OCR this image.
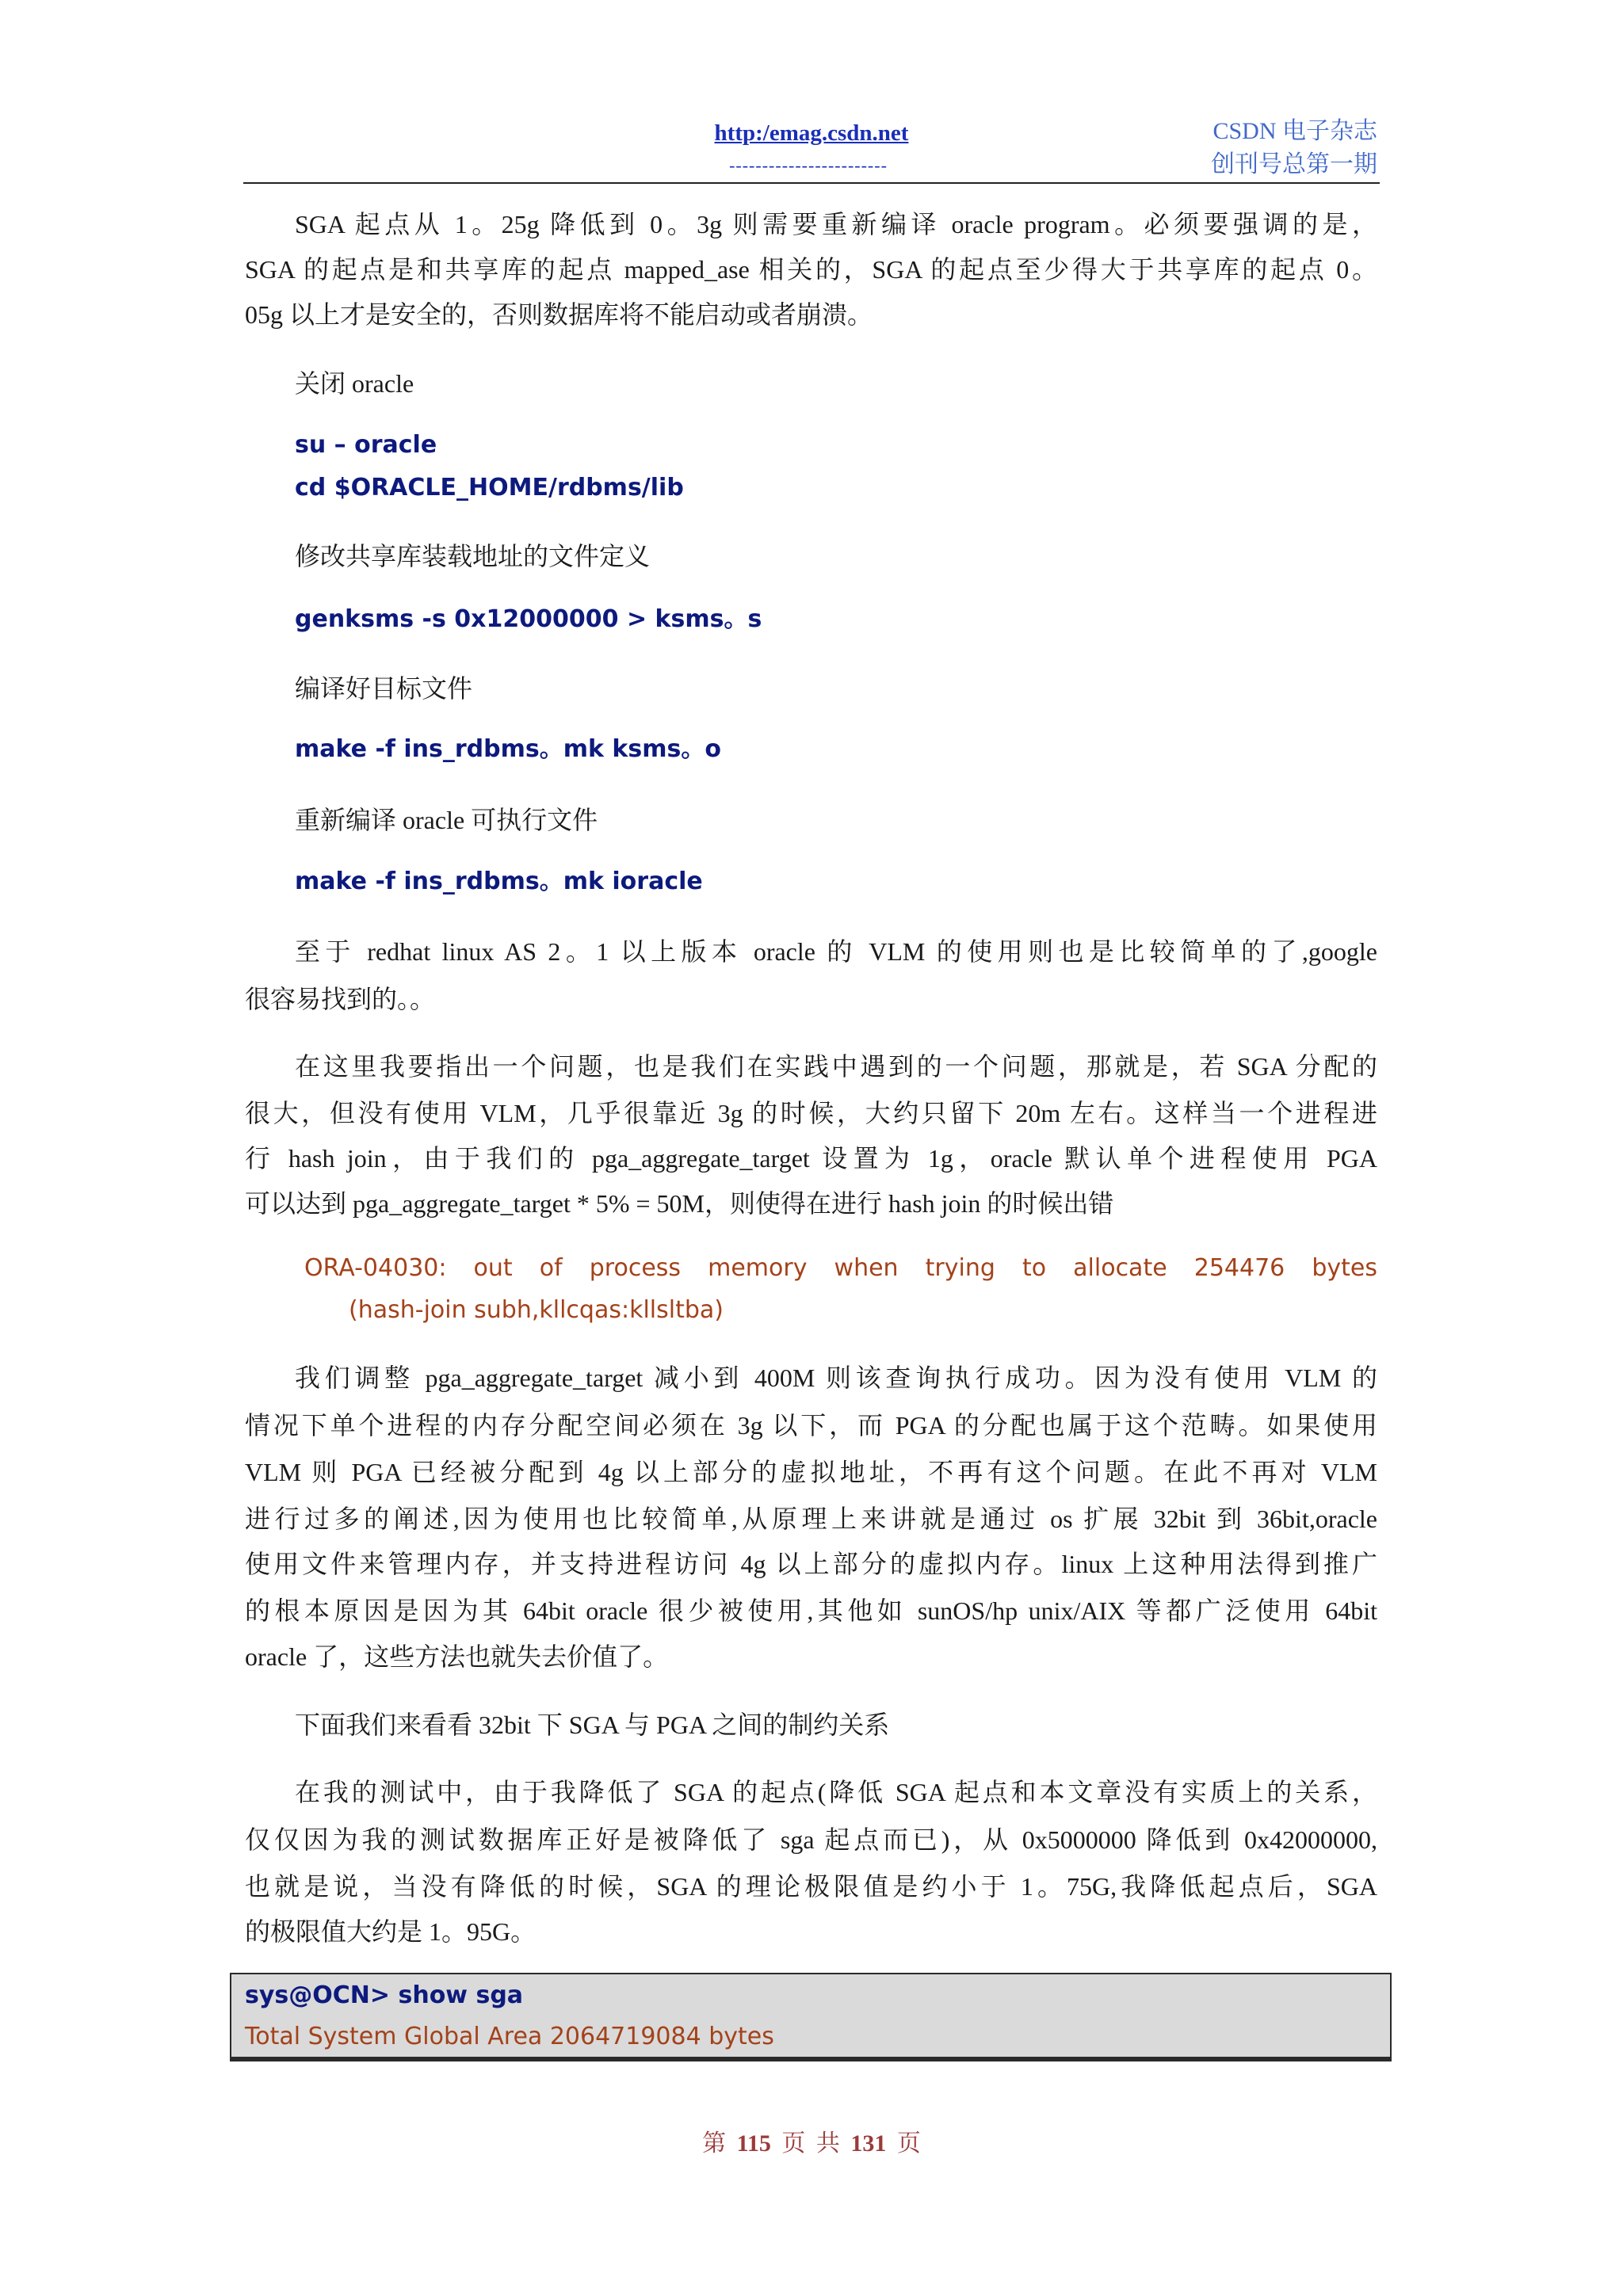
http:/emag.csdn.net
------------------------
CSDN 电子杂志
创刊号总第一期
SGA 起点从 1。25g 降低到 0。3g 则需要重新编译 oracle program。必须要强调的是，
SGA 的起点是和共享库的起点 mapped_ase 相关的，SGA 的起点至少得大于共享库的起点 0。
05g 以上才是安全的，否则数据库将不能启动或者崩溃。
关闭 oracle
su – oracle
cd $ORACLE_HOME/rdbms/lib
修改共享库装载地址的文件定义
genksms -s 0x12000000 > ksms。s
编译好目标文件
make -f ins_rdbms。mk ksms。o
重新编译 oracle 可执行文件
make -f ins_rdbms。mk ioracle
至于 redhat linux AS 2。1 以上版本 oracle 的 VLM 的使用则也是比较简单的了,google
很容易找到的。。
在这里我要指出一个问题，也是我们在实践中遇到的一个问题，那就是，若 SGA 分配的
很大，但没有使用 VLM，几乎很靠近 3g 的时候，大约只留下 20m 左右。这样当一个进程进
行 hash join，由于我们的 pga_aggregate_target 设置为 1g，oracle 默认单个进程使用 PGA
可以达到 pga_aggregate_target * 5% = 50M，则使得在进行 hash join 的时候出错
ORA-04030: out of process memory when trying to allocate 254476 bytes
(hash-join subh,kllcqas:kllsltba)
我们调整 pga_aggregate_target 减小到 400M 则该查询执行成功。因为没有使用 VLM 的
情况下单个进程的内存分配空间必须在 3g 以下，而 PGA 的分配也属于这个范畴。如果使用
VLM 则 PGA 已经被分配到 4g 以上部分的虚拟地址，不再有这个问题。在此不再对 VLM
进行过多的阐述,因为使用也比较简单,从原理上来讲就是通过 os 扩展 32bit 到 36bit,oracle
使用文件来管理内存，并支持进程访问 4g 以上部分的虚拟内存。linux 上这种用法得到推广
的根本原因是因为其 64bit oracle 很少被使用,其他如 sunOS/hp unix/AIX 等都广泛使用 64bit
oracle 了，这些方法也就失去价值了。
下面我们来看看 32bit 下 SGA 与 PGA 之间的制约关系
在我的测试中，由于我降低了 SGA 的起点(降低 SGA 起点和本文章没有实质上的关系，
仅仅因为我的测试数据库正好是被降低了 sga 起点而已)，从 0x5000000 降低到 0x42000000,
也就是说，当没有降低的时候，SGA 的理论极限值是约小于 1。75G,我降低起点后，SGA
的极限值大约是 1。95G。
sys@OCN> show sga
Total System Global Area 2064719084 bytes
第 115 页 共 131 页
